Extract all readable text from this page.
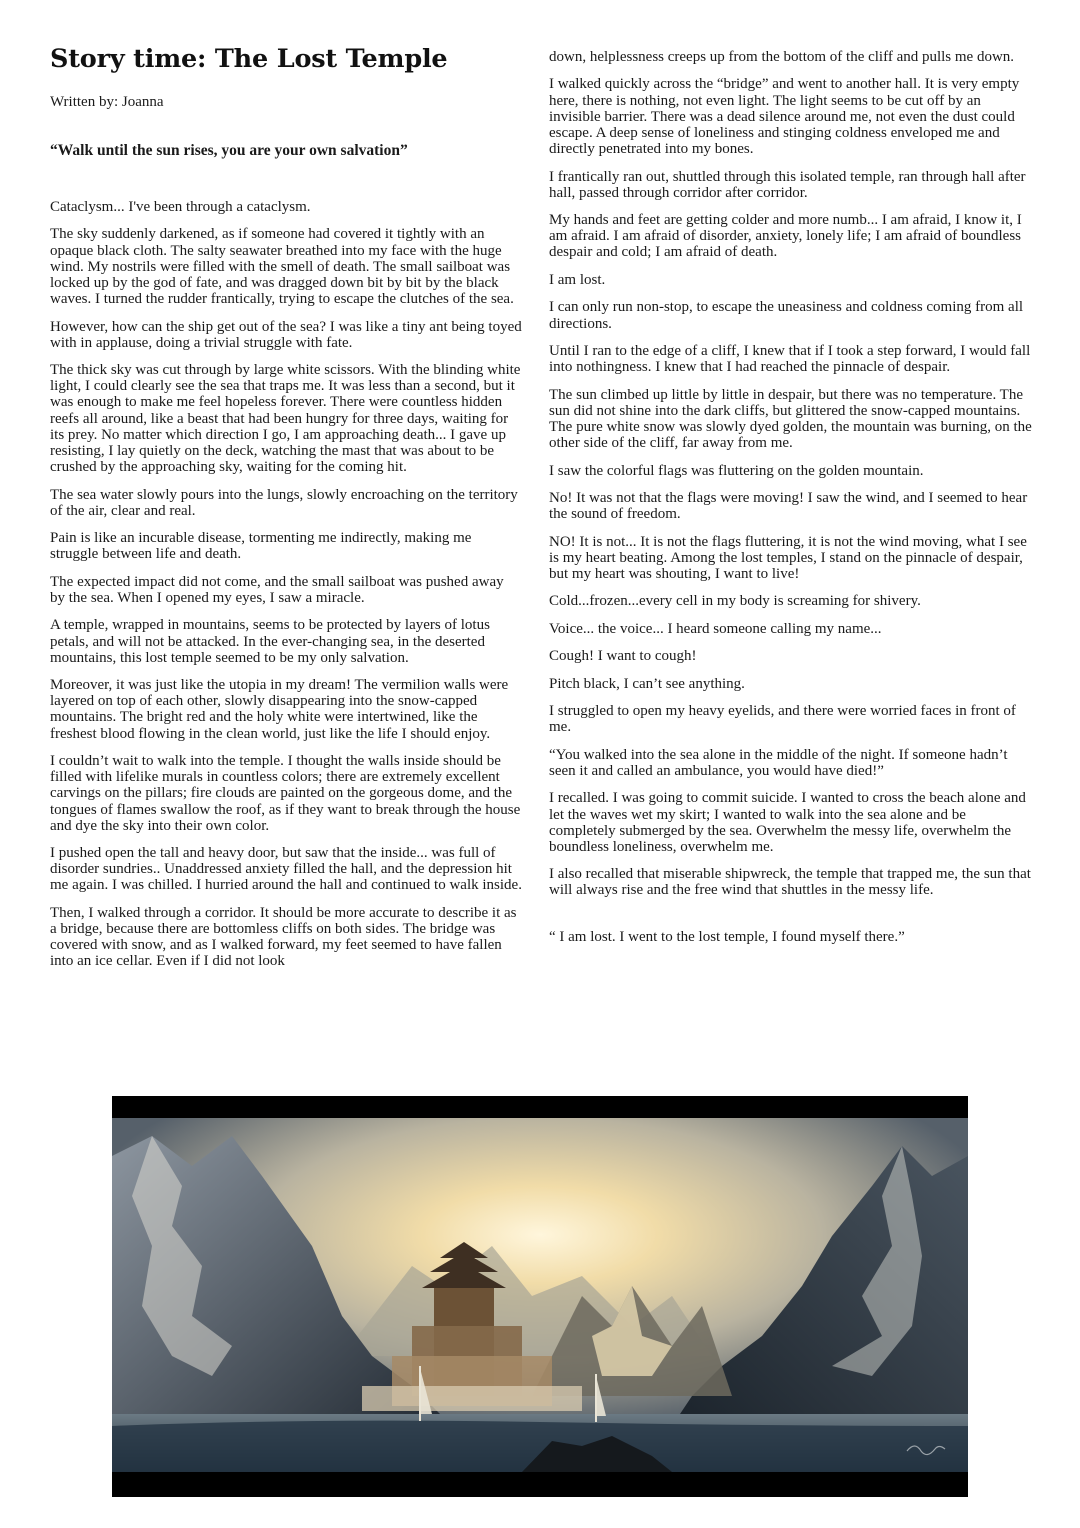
Story time: The Lost Temple

Written by: Joanna

“Walk until the sun rises, you are your own salvation”

Cataclysm... I've been through a cataclysm.

The sky suddenly darkened, as if someone had covered it tightly with an opaque black cloth. The salty seawater breathed into my face with the huge wind. My nostrils were filled with the smell of death. The small sailboat was locked up by the god of fate, and was dragged down bit by bit by the black waves. I turned the rudder frantically, trying to escape the clutches of the sea.

However, how can the ship get out of the sea? I was like a tiny ant being toyed with in applause, doing a trivial struggle with fate.

The thick sky was cut through by large white scissors. With the blinding white light, I could clearly see the sea that traps me. It was less than a second, but it was enough to make me feel hopeless forever. There were countless hidden reefs all around, like a beast that had been hungry for three days, waiting for its prey. No matter which direction I go, I am approaching death... I gave up resisting, I lay quietly on the deck, watching the mast that was about to be crushed by the approaching sky, waiting for the coming hit.

The sea water slowly pours into the lungs, slowly encroaching on the territory of the air, clear and real.

Pain is like an incurable disease, tormenting me indirectly, making me struggle between life and death.

The expected impact did not come, and the small sailboat was pushed away by the sea. When I opened my eyes, I saw a miracle.

A temple, wrapped in mountains, seems to be protected by layers of lotus petals, and will not be attacked. In the ever-changing sea, in the deserted mountains, this lost temple seemed to be my only salvation.

Moreover, it was just like the utopia in my dream! The vermilion walls were layered on top of each other, slowly disappearing into the snow-capped mountains. The bright red and the holy white were intertwined, like the freshest blood flowing in the clean world, just like the life I should enjoy.

I couldn’t wait to walk into the temple. I thought the walls inside should be filled with lifelike murals in countless colors; there are extremely excellent carvings on the pillars; fire clouds are painted on the gorgeous dome, and the tongues of flames swallow the roof, as if they want to break through the house and dye the sky into their own color.

I pushed open the tall and heavy door, but saw that the inside... was full of disorder sundries.. Unaddressed anxiety filled the hall, and the depression hit me again. I was chilled. I hurried around the hall and continued to walk inside.

Then, I walked through a corridor. It should be more accurate to describe it as a bridge, because there are bottomless cliffs on both sides. The bridge was covered with snow, and as I walked forward, my feet seemed to have fallen into an ice cellar. Even if I did not look

down, helplessness creeps up from the bottom of the cliff and pulls me down.

I walked quickly across the “bridge” and went to another hall. It is very empty here, there is nothing, not even light. The light seems to be cut off by an invisible barrier. There was a dead silence around me, not even the dust could escape. A deep sense of loneliness and stinging coldness enveloped me and directly penetrated into my bones.

I frantically ran out, shuttled through this isolated temple, ran through hall after hall, passed through corridor after corridor.

My hands and feet are getting colder and more numb... I am afraid, I know it, I am afraid. I am afraid of disorder, anxiety, lonely life; I am afraid of boundless despair and cold; I am afraid of death.

I am lost.

I can only run non-stop, to escape the uneasiness and coldness coming from all directions.

Until I ran to the edge of a cliff, I knew that if I took a step forward, I would fall into nothingness. I knew that I had reached the pinnacle of despair.

The sun climbed up little by little in despair, but there was no temperature. The sun did not shine into the dark cliffs, but glittered the snow-capped mountains. The pure white snow was slowly dyed golden, the mountain was burning, on the other side of the cliff, far away from me.

I saw the colorful flags was fluttering on the golden mountain.

No! It was not that the flags were moving! I saw the wind, and I seemed to hear the sound of freedom.

NO! It is not... It is not the flags fluttering, it is not the wind moving, what I see is my heart beating. Among the lost temples, I stand on the pinnacle of despair, but my heart was shouting, I want to live!

Cold...frozen...every cell in my body is screaming for shivery.

Voice... the voice... I heard someone calling my name...

Cough! I want to cough!

Pitch black, I can’t see anything.

I struggled to open my heavy eyelids, and there were worried faces in front of me.

“You walked into the sea alone in the middle of the night. If someone hadn’t seen it and called an ambulance, you would have died!”

I recalled. I was going to commit suicide. I wanted to cross the beach alone and let the waves wet my skirt; I wanted to walk into the sea alone and be completely submerged by the sea. Overwhelm the messy life, overwhelm the boundless loneliness, overwhelm me.

I also recalled that miserable shipwreck, the temple that trapped me, the sun that will always rise and the free wind that shuttles in the messy life.

“ I am lost. I went to the lost temple, I found myself there.”
